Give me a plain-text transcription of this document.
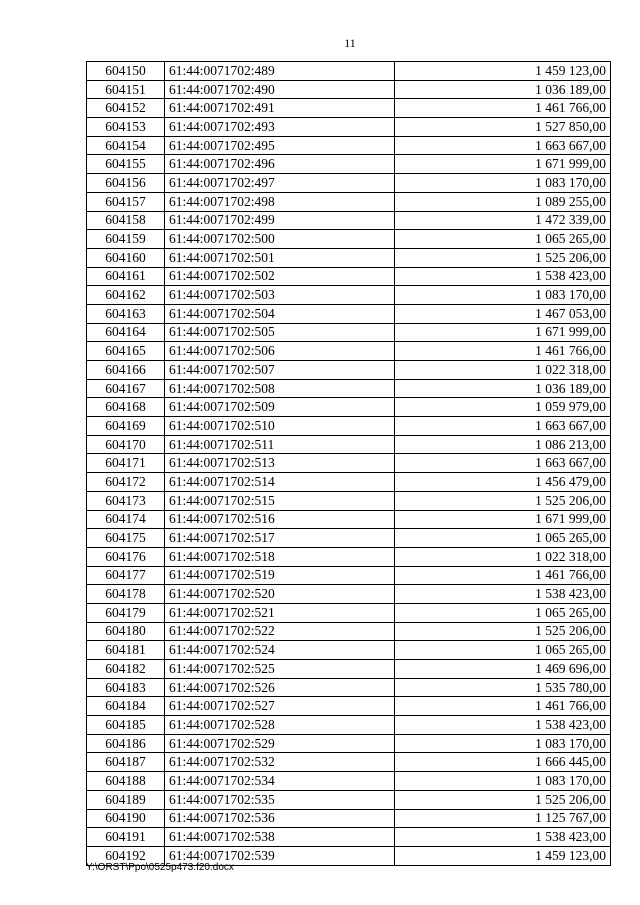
11
604150	61:44:0071702:489	1 459 123,00
604151	61:44:0071702:490	1 036 189,00
604152	61:44:0071702:491	1 461 766,00
604153	61:44:0071702:493	1 527 850,00
604154	61:44:0071702:495	1 663 667,00
604155	61:44:0071702:496	1 671 999,00
604156	61:44:0071702:497	1 083 170,00
604157	61:44:0071702:498	1 089 255,00
604158	61:44:0071702:499	1 472 339,00
604159	61:44:0071702:500	1 065 265,00
604160	61:44:0071702:501	1 525 206,00
604161	61:44:0071702:502	1 538 423,00
604162	61:44:0071702:503	1 083 170,00
604163	61:44:0071702:504	1 467 053,00
604164	61:44:0071702:505	1 671 999,00
604165	61:44:0071702:506	1 461 766,00
604166	61:44:0071702:507	1 022 318,00
604167	61:44:0071702:508	1 036 189,00
604168	61:44:0071702:509	1 059 979,00
604169	61:44:0071702:510	1 663 667,00
604170	61:44:0071702:511	1 086 213,00
604171	61:44:0071702:513	1 663 667,00
604172	61:44:0071702:514	1 456 479,00
604173	61:44:0071702:515	1 525 206,00
604174	61:44:0071702:516	1 671 999,00
604175	61:44:0071702:517	1 065 265,00
604176	61:44:0071702:518	1 022 318,00
604177	61:44:0071702:519	1 461 766,00
604178	61:44:0071702:520	1 538 423,00
604179	61:44:0071702:521	1 065 265,00
604180	61:44:0071702:522	1 525 206,00
604181	61:44:0071702:524	1 065 265,00
604182	61:44:0071702:525	1 469 696,00
604183	61:44:0071702:526	1 535 780,00
604184	61:44:0071702:527	1 461 766,00
604185	61:44:0071702:528	1 538 423,00
604186	61:44:0071702:529	1 083 170,00
604187	61:44:0071702:532	1 666 445,00
604188	61:44:0071702:534	1 083 170,00
604189	61:44:0071702:535	1 525 206,00
604190	61:44:0071702:536	1 125 767,00
604191	61:44:0071702:538	1 538 423,00
604192	61:44:0071702:539	1 459 123,00
Y:\ORST\Ppo\0525p473.f20.docx
